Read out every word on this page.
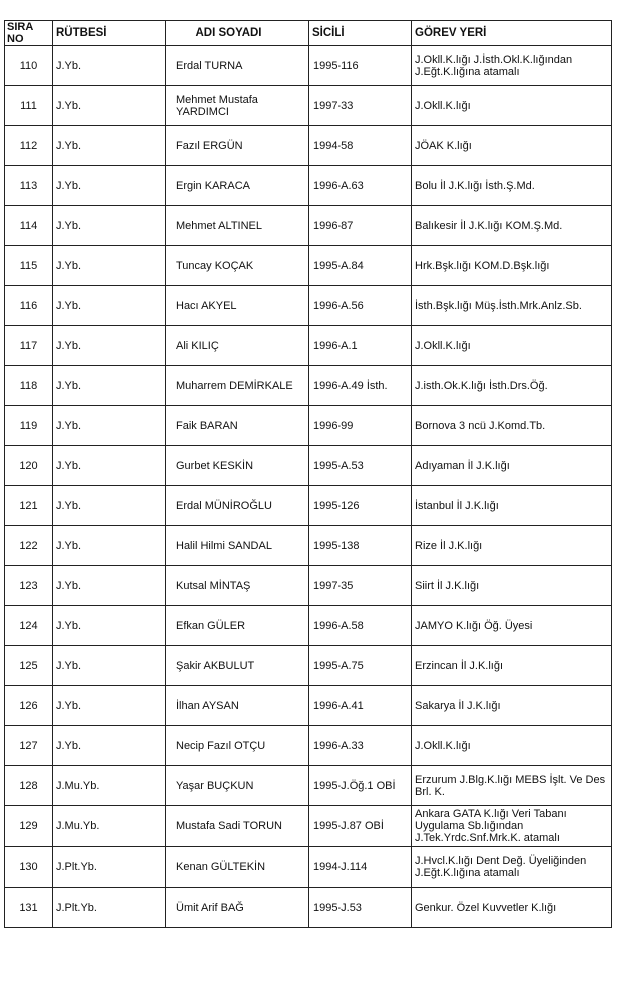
SIRA NO	RÜTBESİ	ADI SOYADI	SİCİLİ	GÖREV YERİ
110	J.Yb.	Erdal TURNA	1995-116	J.Okll.K.lığı J.İsth.Okl.K.lığından J.Eğt.K.lığına atamalı
111	J.Yb.	Mehmet Mustafa YARDIMCI	1997-33	J.Okll.K.lığı
112	J.Yb.	Fazıl ERGÜN	1994-58	JÖAK K.lığı
113	J.Yb.	Ergin KARACA	1996-A.63	Bolu İl J.K.lığı İsth.Ş.Md.
114	J.Yb.	Mehmet ALTINEL	1996-87	Balıkesir İl J.K.lığı KOM.Ş.Md.
115	J.Yb.	Tuncay KOÇAK	1995-A.84	Hrk.Bşk.lığı KOM.D.Bşk.lığı
116	J.Yb.	Hacı AKYEL	1996-A.56	İsth.Bşk.lığı Müş.İsth.Mrk.Anlz.Sb.
117	J.Yb.	Ali KILIÇ	1996-A.1	J.Okll.K.lığı
118	J.Yb.	Muharrem DEMİRKALE	1996-A.49 İsth.	J.isth.Ok.K.lığı İsth.Drs.Öğ.
119	J.Yb.	Faik BARAN	1996-99	Bornova 3 ncü J.Komd.Tb.
120	J.Yb.	Gurbet KESKİN	1995-A.53	Adıyaman İl J.K.lığı
121	J.Yb.	Erdal MÜNİROĞLU	1995-126	İstanbul İl J.K.lığı
122	J.Yb.	Halil Hilmi SANDAL	1995-138	Rize İl J.K.lığı
123	J.Yb.	Kutsal MİNTAŞ	1997-35	Siirt İl J.K.lığı
124	J.Yb.	Efkan GÜLER	1996-A.58	JAMYO K.lığı Öğ. Üyesi
125	J.Yb.	Şakir AKBULUT	1995-A.75	Erzincan İl J.K.lığı
126	J.Yb.	İlhan AYSAN	1996-A.41	Sakarya İl J.K.lığı
127	J.Yb.	Necip Fazıl OTÇU	1996-A.33	J.Okll.K.lığı
128	J.Mu.Yb.	Yaşar BUÇKUN	1995-J.Öğ.1 OBİ	Erzurum J.Blg.K.lığı MEBS İşlt. Ve Des Brl. K.
129	J.Mu.Yb.	Mustafa Sadi TORUN	1995-J.87 OBİ	Ankara GATA K.lığı Veri Tabanı Uygulama Sb.lığından J.Tek.Yrdc.Snf.Mrk.K. atamalı
130	J.Plt.Yb.	Kenan GÜLTEKİN	1994-J.114	J.Hvcl.K.lığı Dent Değ. Üyeliğinden J.Eğt.K.lığına atamalı
131	J.Plt.Yb.	Ümit Arif BAĞ	1995-J.53	Genkur. Özel Kuvvetler K.lığı
